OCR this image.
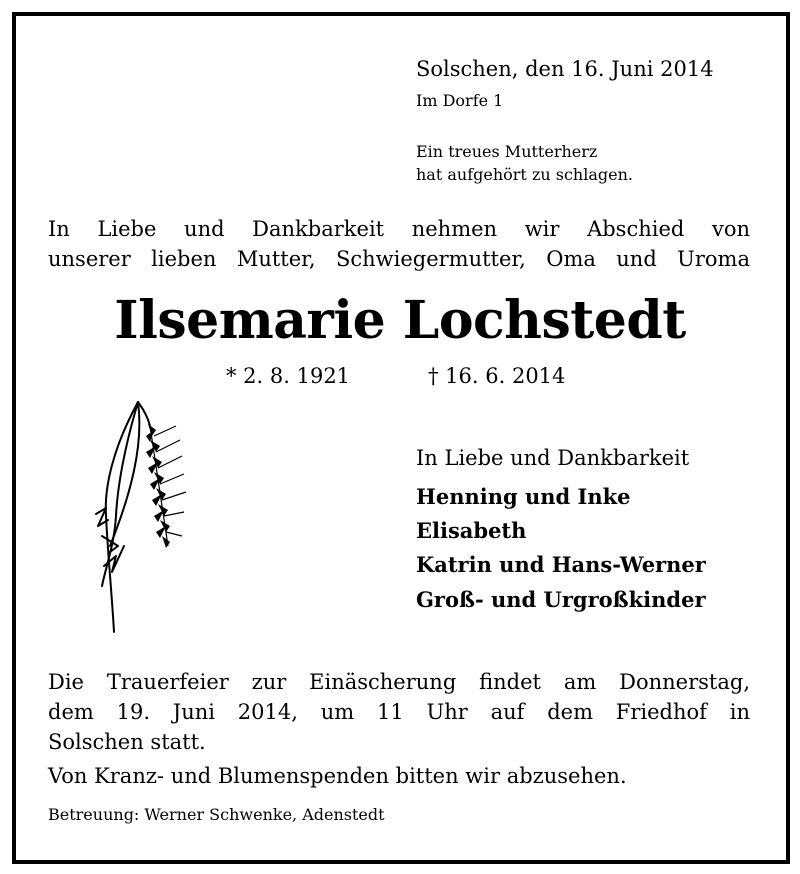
Solschen, den 16. Juni 2014
Im Dorfe 1
Ein treues Mutterherz
hat aufgehört zu schlagen.
In Liebe und Dankbarkeit nehmen wir Abschied von
unserer lieben Mutter, Schwiegermutter, Oma und Uroma
Ilsemarie Lochstedt
* 2. 8. 1921	† 16. 6. 2014
In Liebe und Dankbarkeit
Henning und Inke
Elisabeth
Katrin und Hans-Werner
Groß- und Urgroßkinder
Die Trauerfeier zur Einäscherung findet am Donnerstag,
dem 19. Juni 2014, um 11 Uhr auf dem Friedhof in
Solschen statt.
Von Kranz- und Blumenspenden bitten wir abzusehen.
Betreuung: Werner Schwenke, Adenstedt
